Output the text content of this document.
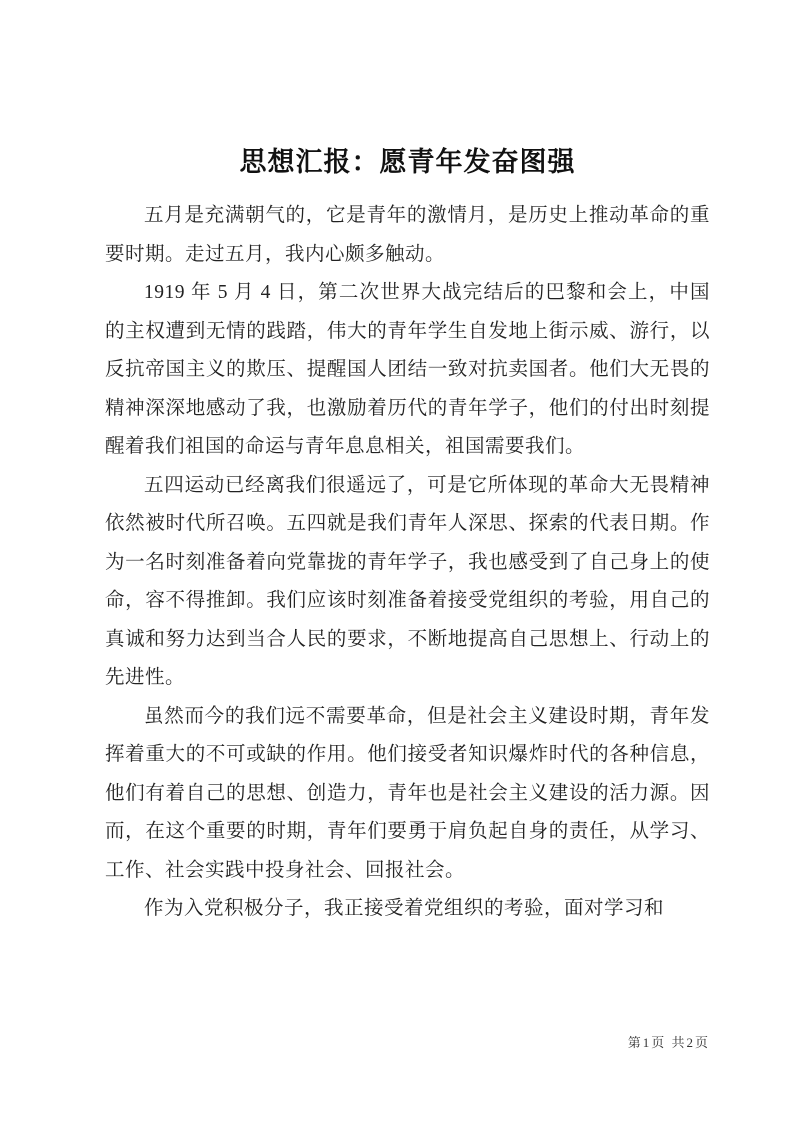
思想汇报：愿青年发奋图强

五月是充满朝气的，它是青年的激情月，是历史上推动革命的重要时期。走过五月，我内心颇多触动。

1919 年 5 月 4 日，第二次世界大战完结后的巴黎和会上，中国的主权遭到无情的践踏，伟大的青年学生自发地上街示威、游行，以反抗帝国主义的欺压、提醒国人团结一致对抗卖国者。他们大无畏的精神深深地感动了我，也激励着历代的青年学子，他们的付出时刻提醒着我们祖国的命运与青年息息相关，祖国需要我们。

五四运动已经离我们很遥远了，可是它所体现的革命大无畏精神依然被时代所召唤。五四就是我们青年人深思、探索的代表日期。作为一名时刻准备着向党靠拢的青年学子，我也感受到了自己身上的使命，容不得推卸。我们应该时刻准备着接受党组织的考验，用自己的真诚和努力达到当合人民的要求，不断地提高自己思想上、行动上的先进性。

虽然而今的我们远不需要革命，但是社会主义建设时期，青年发挥着重大的不可或缺的作用。他们接受者知识爆炸时代的各种信息，他们有着自己的思想、创造力，青年也是社会主义建设的活力源。因而，在这个重要的时期，青年们要勇于肩负起自身的责任，从学习、工作、社会实践中投身社会、回报社会。

作为入党积极分子，我正接受着党组织的考验，面对学习和

第1页 共2页
